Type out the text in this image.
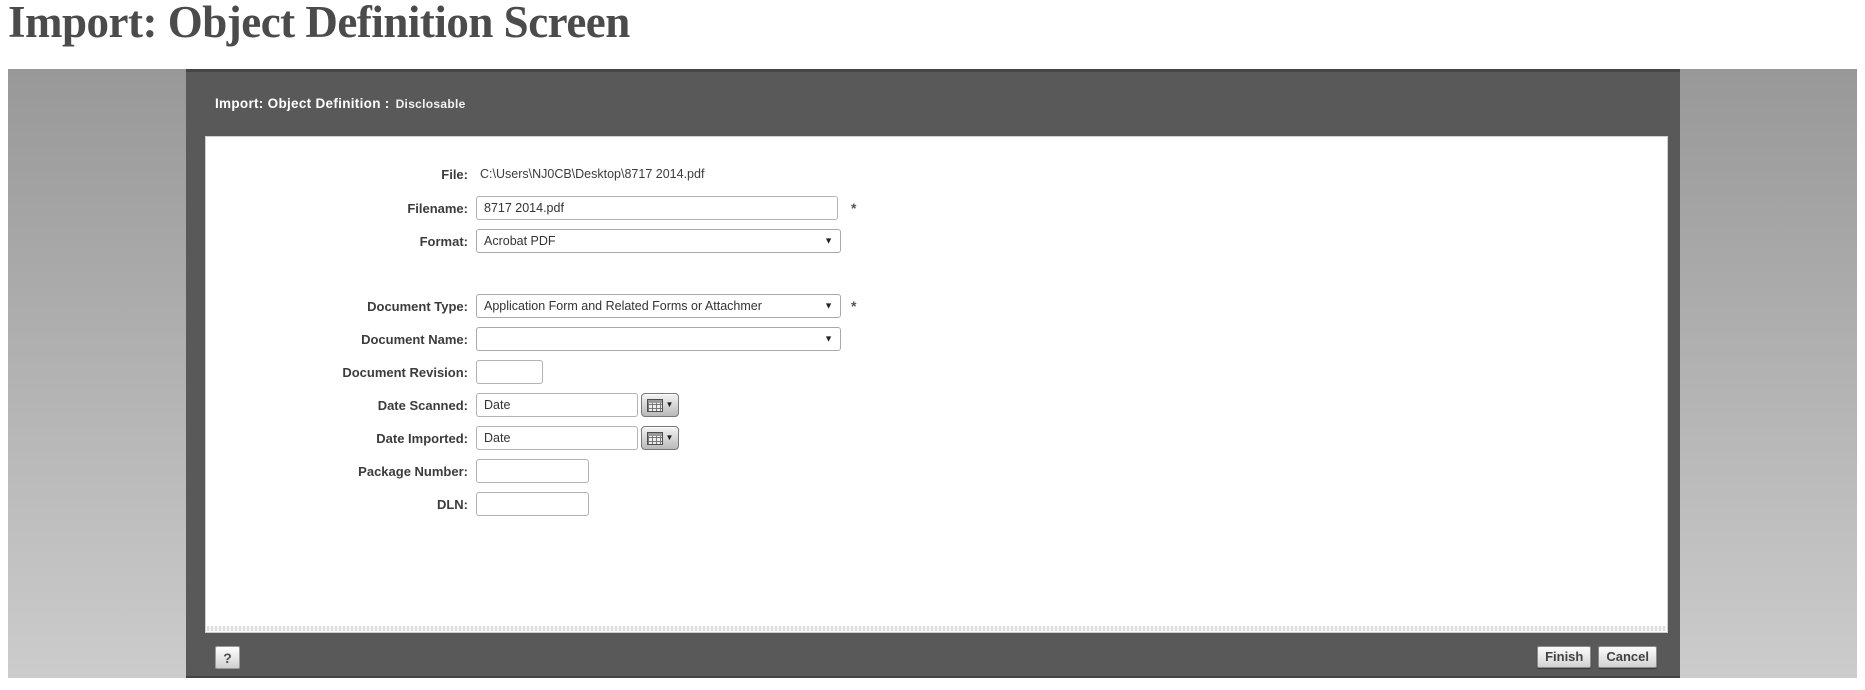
Import: Object Definition Screen
Import: Object Definition : Disclosable
File: C:\Users\NJ0CB\Desktop\8717 2014.pdf
Filename:
8717 2014.pdf	*
Format:	Acrobat PDF	▼
Document Type:	Application Form and Related Forms or Attachmer	▼ *
Document Name:	▼
Document Revision:
Date Scanned:
Date	▼
Date Imported:
Date	▼
Package Number:
DLN:
?	Finish	Cancel
